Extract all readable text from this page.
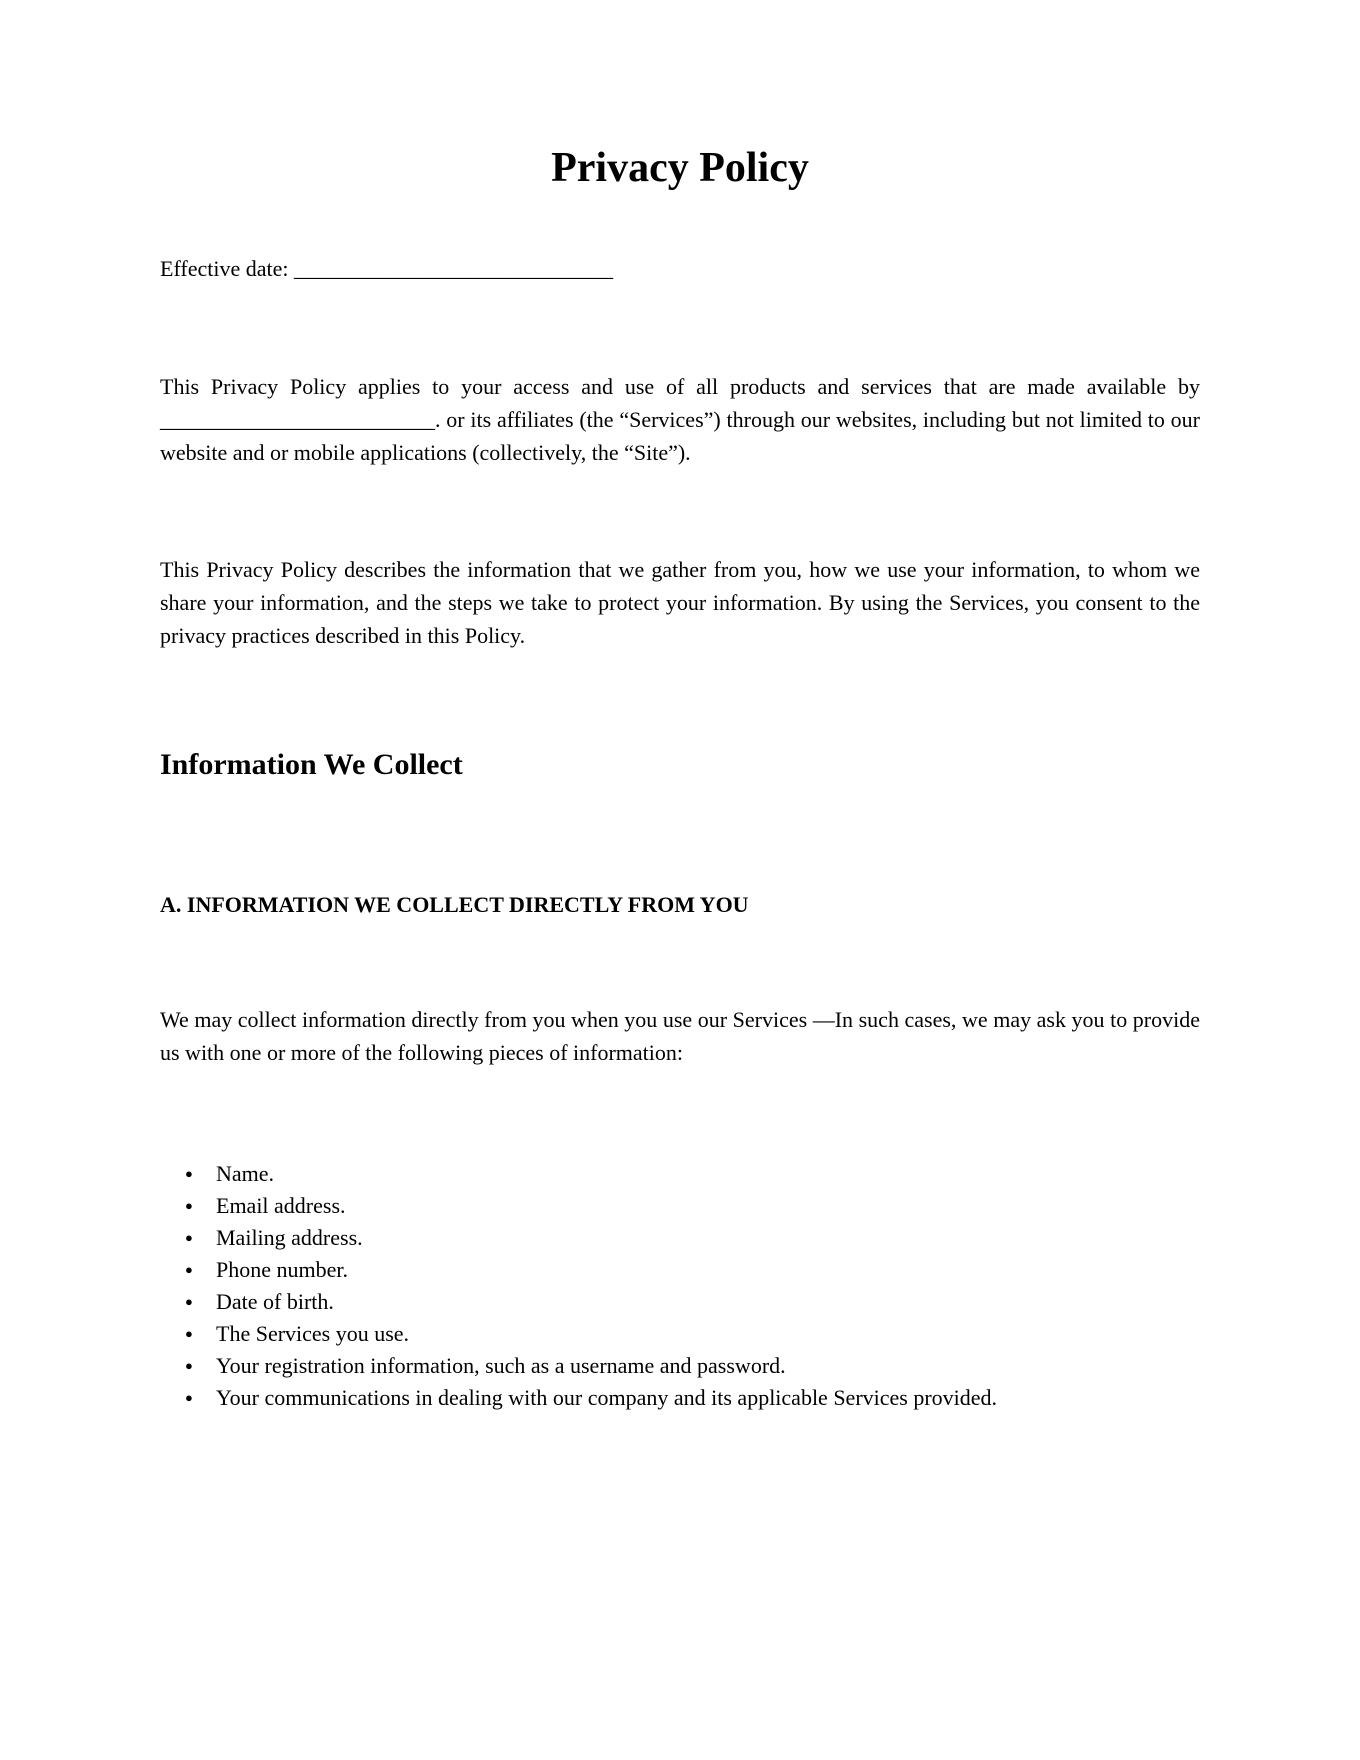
Privacy Policy

Effective date: _____________________________

This Privacy Policy applies to your access and use of all products and services that are made available by _________________________. or its affiliates (the “Services”) through our websites, including but not limited to our website and or mobile applications (collectively, the “Site”).

This Privacy Policy describes the information that we gather from you, how we use your information, to whom we share your information, and the steps we take to protect your information. By using the Services, you consent to the privacy practices described in this Policy.

Information We Collect
A. INFORMATION WE COLLECT DIRECTLY FROM YOU

We may collect information directly from you when you use our Services —In such cases, we may ask you to provide us with one or more of the following pieces of information:

●	Name.
●	Email address.
●	Mailing address.
●	Phone number.
●	Date of birth.
●	The Services you use.
●	Your registration information, such as a username and password.
●	Your communications in dealing with our company and its applicable Services provided.
